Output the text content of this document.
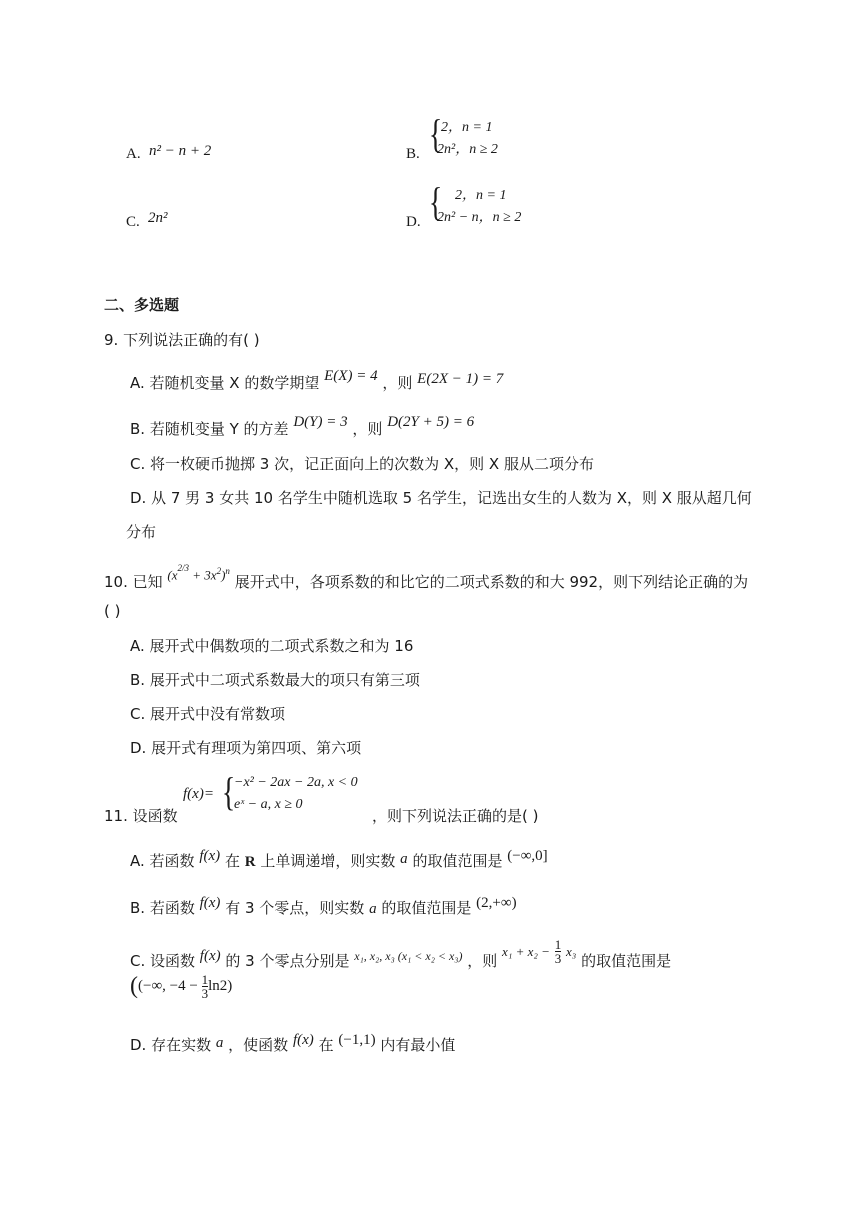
A. n² − n + 2	B. {
2，n = 1
2n²，n ≥ 2
C. 2n²	D. { 2，n = 1
2n² − n，n ≥ 2
二、多选题
9. 下列说法正确的有( )
A. 若随机变量 X 的数学期望 E(X) = 4 ，则 E(2X − 1) = 7
B. 若随机变量 Y 的方差 D(Y) = 3 ，则 D(2Y + 5) = 6
C. 将一枚硬币抛掷 3 次，记正面向上的次数为 X，则 X 服从二项分布
D. 从 7 男 3 女共 10 名学生中随机选取 5 名学生，记选出女生的人数为 X，则 X 服从超几何
分布
10. 已知 $(x^{2/3} + 3x^2)^n$ 展开式中，各项系数的和比它的二项式系数的和大 992，则下列结论正确的为
( )
A. 展开式中偶数项的二项式系数之和为 16
B. 展开式中二项式系数最大的项只有第三项
C. 展开式中没有常数项
D. 展开式有理项为第四项、第六项
11. 设函数
f(x)= {
−x² − 2ax − 2a, x < 0
eˣ − a, x ≥ 0
，则下列说法正确的是( )
A. 若函数 f(x) 在 R 上单调递增，则实数 a 的取值范围是 (−∞,0]
B. 若函数 f(x) 有 3 个零点，则实数 a 的取值范围是 (2,+∞)
C. 设函数 f(x) 的 3 个零点分别是 $^{x_1, x_2, x_3 (x_1 < x_2 < x_3)}$ ，则 $x_1 + x_2 - \frac{1}{3} x_3$ 的取值范围是
((−∞, $-4 - \frac{1}{3} \ln 2$)
D. 存在实数 a ，使函数 f(x) 在 (−1,1) 内有最小值
